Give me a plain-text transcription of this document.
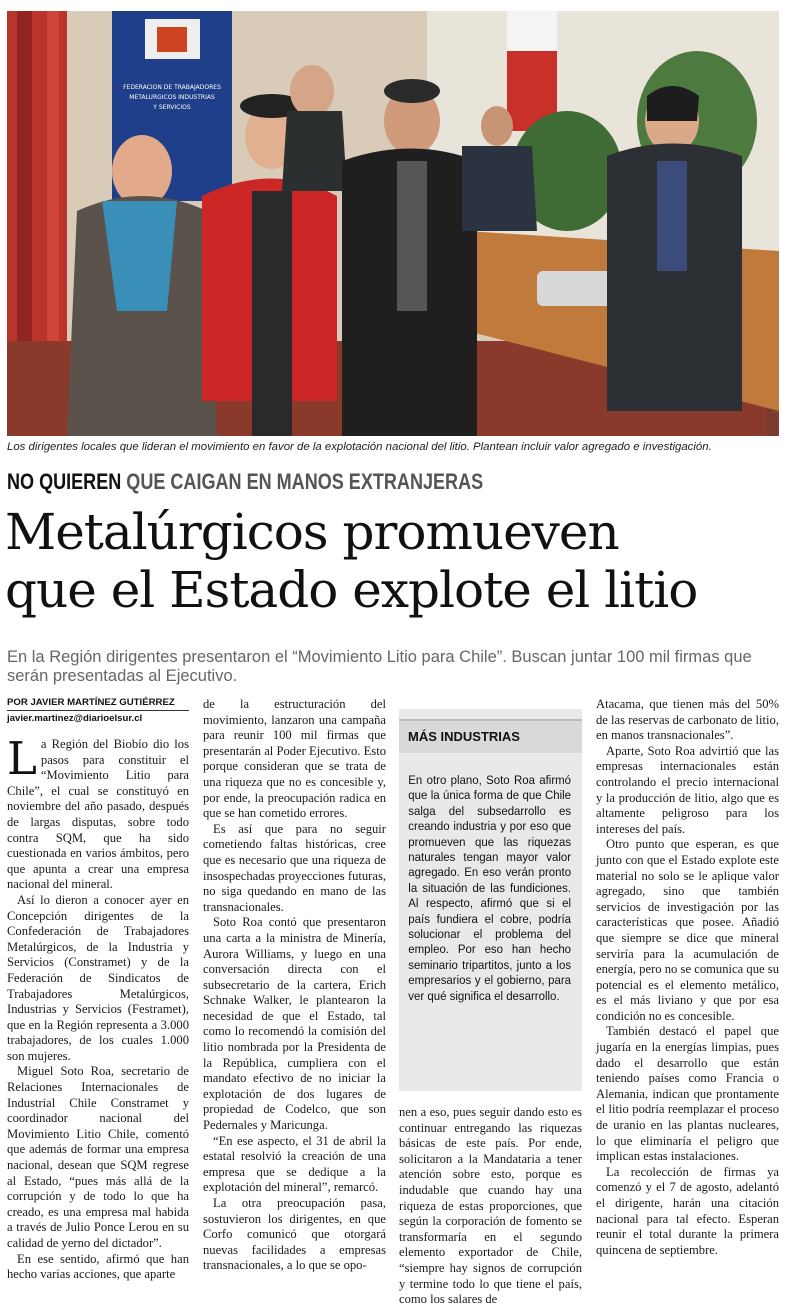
FEDERACION DE TRABAJADORES
METALURGICOS INDUSTRIAS
Y SERVICIOS
CARLOS ACUÑA
Los dirigentes locales que lideran el movimiento en favor de la explotación nacional del litio. Plantean incluir valor agregado e investigación.
NO QUIEREN QUE CAIGAN EN MANOS EXTRANJERAS
Metalúrgicos promueven
que el Estado explote el litio
En la Región dirigentes presentaron el “Movimiento Litio para Chile”. Buscan juntar 100 mil firmas que serán presentadas al Ejecutivo.
POR JAVIER MARTÍNEZ GUTIÉRREZ
javier.martinez@diarioelsur.cl

La Región del Biobío dio los pasos para constituir el “Movimiento Litio para Chile”, el cual se constituyó en noviembre del año pasado, después de largas disputas, sobre todo contra SQM, que ha sido cuestionada en varios ámbitos, pero que apunta a crear una empresa nacional del mineral.

Así lo dieron a conocer ayer en Concepción dirigentes de la Confederación de Trabajadores Metalúrgicos, de la Industria y Servicios (Constramet) y de la Federación de Sindicatos de Trabajadores Metalúrgicos, Industrias y Servicios (Festramet), que en la Región representa a 3.000 trabajadores, de los cuales 1.000 son mujeres.

Miguel Soto Roa, secretario de Relaciones Internacionales de Industrial Chile Constramet y coordinador nacional del Movimiento Litio Chile, comentó que además de formar una empresa nacional, desean que SQM regrese al Estado, “pues más allá de la corrupción y de todo lo que ha creado, es una empresa mal habida a través de Julio Ponce Lerou en su calidad de yerno del dictador”.

En ese sentido, afirmó que han hecho varias acciones, que aparte

de la estructuración del movimiento, lanzaron una campaña para reunir 100 mil firmas que presentarán al Poder Ejecutivo. Esto porque consideran que se trata de una riqueza que no es concesible y, por ende, la preocupación radica en que se han cometido errores.

Es así que para no seguir cometiendo faltas históricas, cree que es necesario que una riqueza de insospechadas proyecciones futuras, no siga quedando en mano de las transnacionales.

Soto Roa contó que presentaron una carta a la ministra de Minería, Aurora Williams, y luego en una conversación directa con el subsecretario de la cartera, Erich Schnake Walker, le plantearon la necesidad de que el Estado, tal como lo recomendó la comisión del litio nombrada por la Presidenta de la República, cumpliera con el mandato efectivo de no iniciar la explotación de dos lugares de propiedad de Codelco, que son Pedernales y Maricunga.

“En ese aspecto, el 31 de abril la estatal resolvió la creación de una empresa que se dedique a la explotación del mineral”, remarcó.

La otra preocupación pasa, sostuvieron los dirigentes, en que Corfo comunicó que otorgará nuevas facilidades a empresas transnacionales, a lo que se opo-

MÁS INDUSTRIAS
En otro plano, Soto Roa afirmó que la única forma de que Chile salga del subsedarrollo es creando industria y por eso que promueven que las riquezas naturales tengan mayor valor agregado. En eso verán pronto la situación de las fundiciones. Al respecto, afirmó que si el país fundiera el cobre, podría solucionar el problema del empleo. Por eso han hecho seminario tripartitos, junto a los empresarios y el gobierno, para ver qué significa el desarrollo.

nen a eso, pues seguir dando esto es continuar entregando las riquezas básicas de este país. Por ende, solicitaron a la Mandataria a tener atención sobre esto, porque es indudable que cuando hay una riqueza de estas proporciones, que según la corporación de fomento se transformaría en el segundo elemento exportador de Chile, “siempre hay signos de corrupción y termine todo lo que tiene el país, como los salares de

Atacama, que tienen más del 50% de las reservas de carbonato de litio, en manos transnacionales”.

Aparte, Soto Roa advirtió que las empresas internacionales están controlando el precio internacional y la producción de litio, algo que es altamente peligroso para los intereses del país.

Otro punto que esperan, es que junto con que el Estado explote este material no solo se le aplique valor agregado, sino que también servicios de investigación por las características que posee. Añadió que siempre se dice que mineral serviría para la acumulación de energía, pero no se comunica que su potencial es el elemento metálico, es el más liviano y que por esa condición no es concesible.

También destacó el papel que jugaría en la energías limpias, pues dado el desarrollo que están teniendo países como Francia o Alemania, indican que prontamente el litio podría reemplazar el proceso de uranio en las plantas nucleares, lo que eliminaría el peligro que implican estas instalaciones.

La recolección de firmas ya comenzó y el 7 de agosto, adelantó el dirigente, harán una citación nacional para tal efecto. Esperan reunir el total durante la primera quincena de septiembre.
